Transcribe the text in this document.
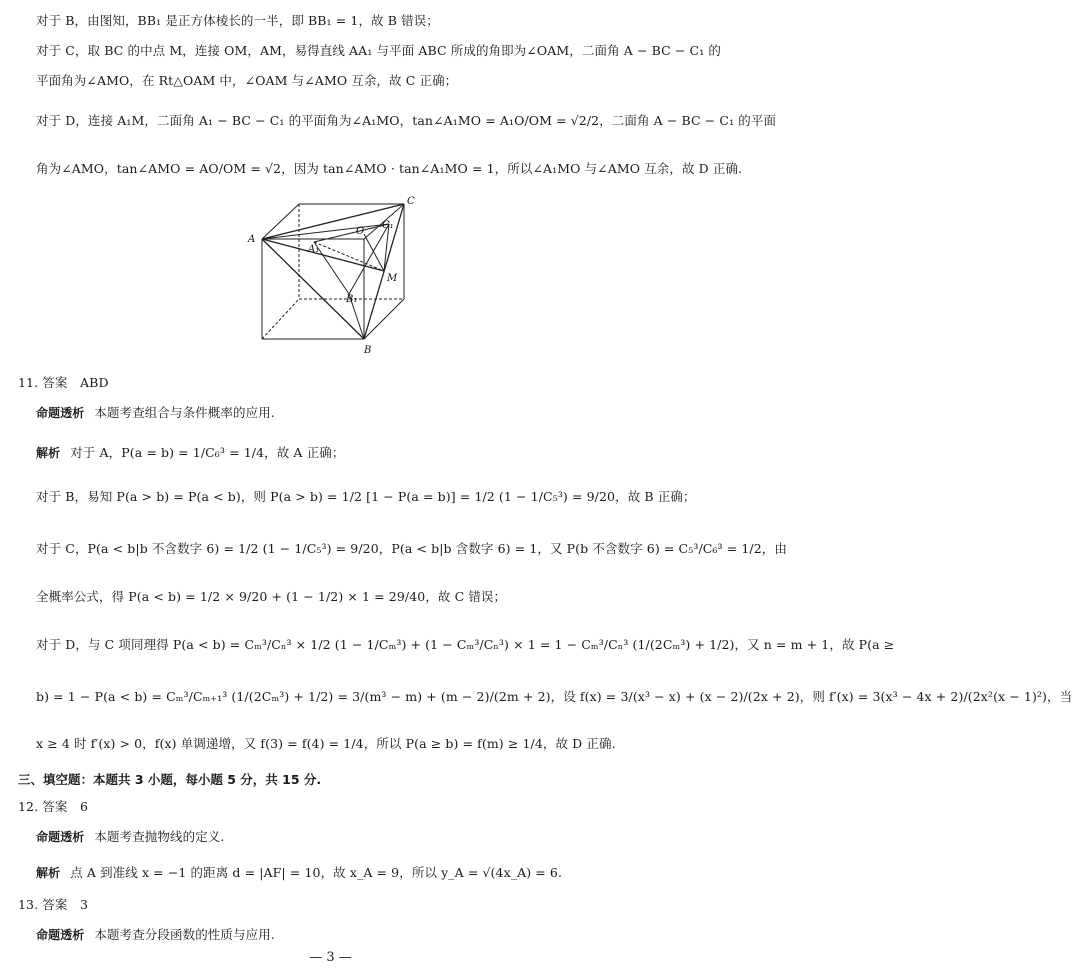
对于 B，由图知，BB₁ 是正方体棱长的一半，即 BB₁ = 1，故 B 错误；
对于 C，取 BC 的中点 M，连接 OM，AM，易得直线 AA₁ 与平面 ABC 所成的角即为∠OAM，二面角 A − BC − C₁ 的
平面角为∠AMO，在 Rt△OAM 中，∠OAM 与∠AMO 互余，故 C 正确；
对于 D，连接 A₁M，二面角 A₁ − BC − C₁ 的平面角为∠A₁MO，tan∠A₁MO = A₁O/OM = √2/2，二面角 A − BC − C₁ 的平面
角为∠AMO，tan∠AMO = AO/OM = √2，因为 tan∠AMO · tan∠A₁MO = 1，所以∠A₁MO 与∠AMO 互余，故 D 正确.
A
C
O
C₁
A₁
M
B₁
B
11. 答案　ABD
命题透析 本题考查组合与条件概率的应用.
解析 对于 A，P(a = b) = 1/C₆³ = 1/4，故 A 正确；
对于 B，易知 P(a > b) = P(a < b)，则 P(a > b) = 1/2 [1 − P(a = b)] = 1/2 (1 − 1/C₅³) = 9/20，故 B 正确；
对于 C，P(a < b|b 不含数字 6) = 1/2 (1 − 1/C₅³) = 9/20，P(a < b|b 含数字 6) = 1，又 P(b 不含数字 6) = C₅³/C₆³ = 1/2，由
全概率公式，得 P(a < b) = 1/2 × 9/20 + (1 − 1/2) × 1 = 29/40，故 C 错误；
对于 D，与 C 项同理得 P(a < b) = Cₘ³/Cₙ³ × 1/2 (1 − 1/Cₘ³) + (1 − Cₘ³/Cₙ³) × 1 = 1 − Cₘ³/Cₙ³ (1/(2Cₘ³) + 1/2)，又 n = m + 1，故 P(a ≥
b) = 1 − P(a < b) = Cₘ³/Cₘ₊₁³ (1/(2Cₘ³) + 1/2) = 3/(m³ − m) + (m − 2)/(2m + 2)，设 f(x) = 3/(x³ − x) + (x − 2)/(2x + 2)，则 f′(x) = 3(x³ − 4x + 2)/(2x²(x − 1)²)，当
x ≥ 4 时 f′(x) > 0，f(x) 单调递增，又 f(3) = f(4) = 1/4，所以 P(a ≥ b) = f(m) ≥ 1/4，故 D 正确.
三、填空题：本题共 3 小题，每小题 5 分，共 15 分.
12. 答案　6
命题透析 本题考查抛物线的定义.
解析 点 A 到准线 x = −1 的距离 d = |AF| = 10，故 x_A = 9，所以 y_A = √(4x_A) = 6.
13. 答案　3
命题透析 本题考查分段函数的性质与应用.
— 3 —
